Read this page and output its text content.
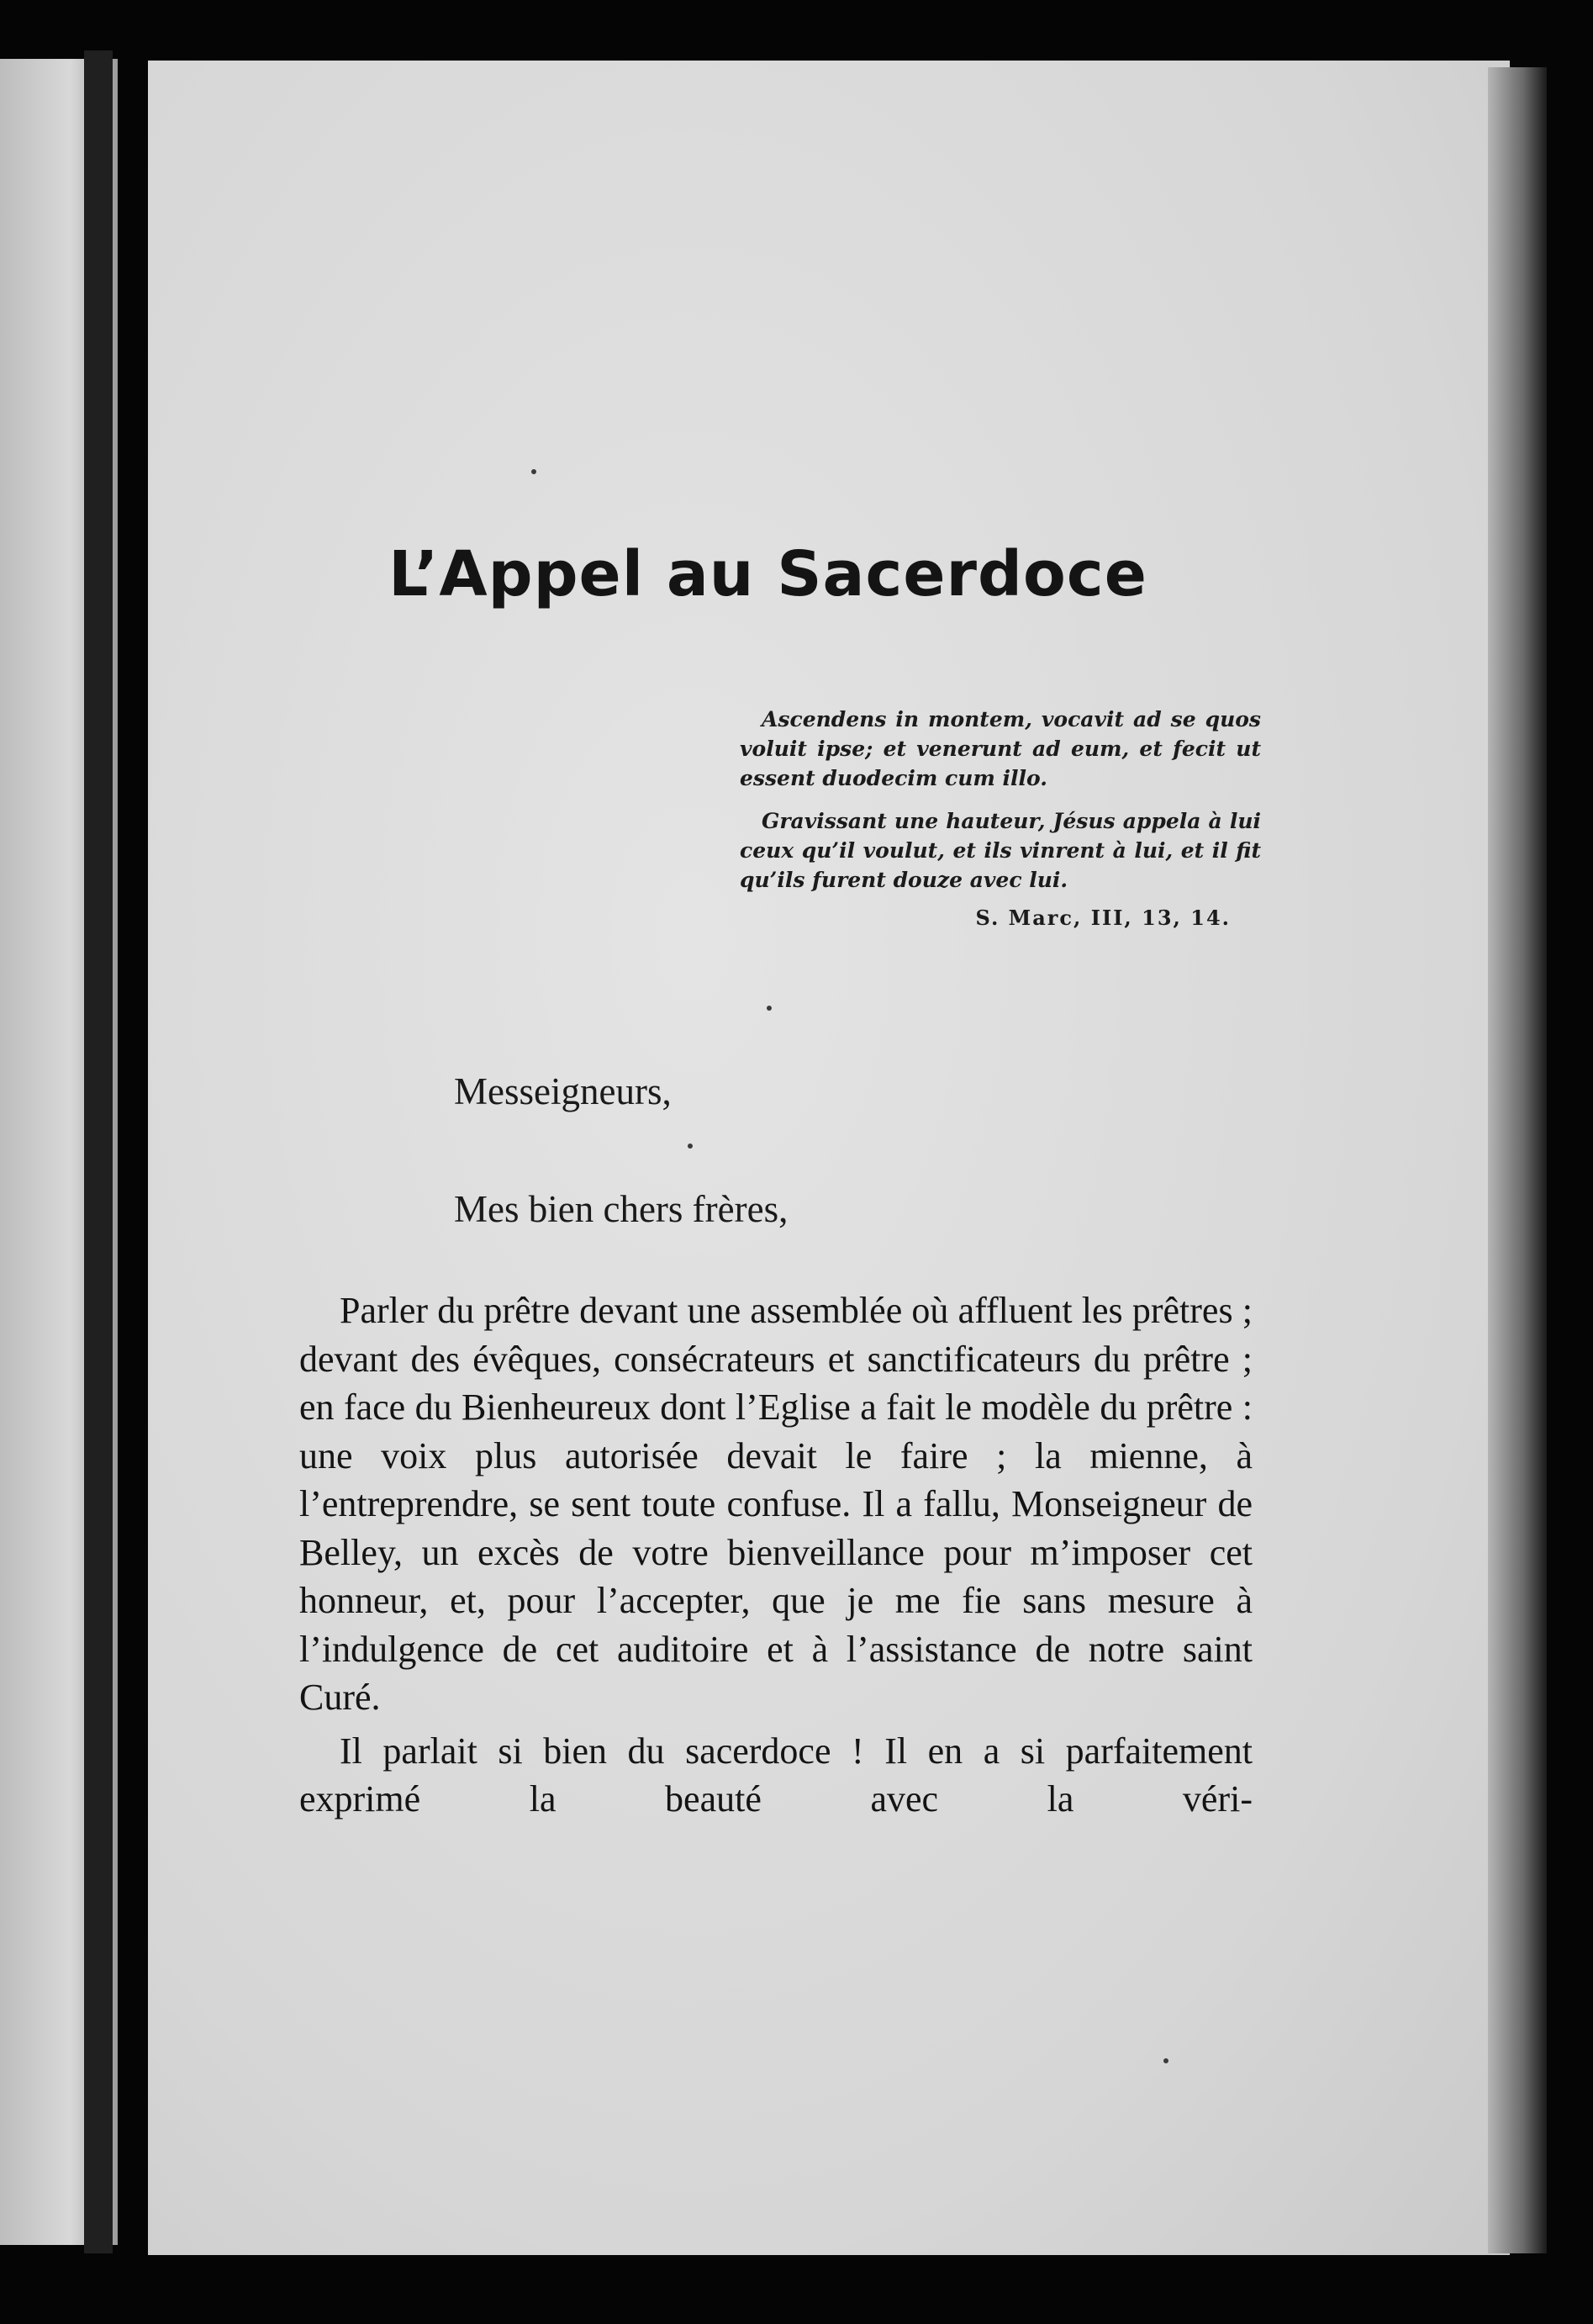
L’Appel au Sacerdoce

Ascendens in montem, vocavit ad se quos voluit ipse; et venerunt ad eum, et fecit ut essent duodecim cum illo.

Gravissant une hauteur, Jésus appela à lui ceux qu’il voulut, et ils vinrent à lui, et il fit qu’ils furent douze avec lui.

S. Marc, III, 13, 14.

Messeigneurs,

Mes bien chers frères,

Parler du prêtre devant une assemblée où affluent les prêtres ; devant des évêques, consécrateurs et sanctificateurs du prêtre ; en face du Bienheureux dont l’Eglise a fait le modèle du prêtre : une voix plus autorisée devait le faire ; la mienne, à l’entreprendre, se sent toute confuse. Il a fallu, Monseigneur de Belley, un excès de votre bienveillance pour m’imposer cet honneur, et, pour l’accepter, que je me fie sans mesure à l’indulgence de cet auditoire et à l’assistance de notre saint Curé.

Il parlait si bien du sacerdoce ! Il en a si parfaitement exprimé la beauté avec la véri-
